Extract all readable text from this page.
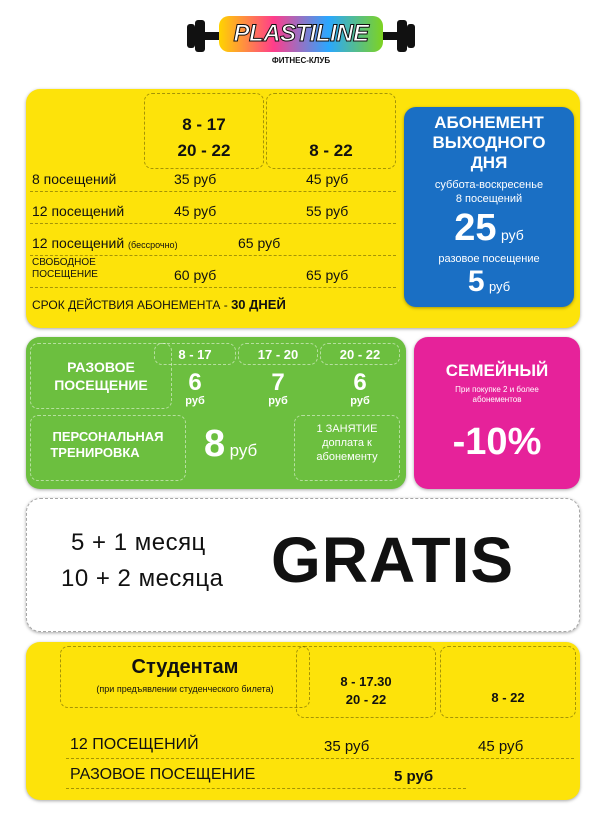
PLASTILINE
ФИТНЕС-КЛУБ
8 - 17
20 - 22	8 - 22
8 посещений	35 руб	45 руб
12 посещений	45 руб	55 руб
12 посещений (бессрочно)	65 руб
СВОБОДНОЕ
ПОСЕЩЕНИЕ	60 руб	65 руб
СРОК ДЕЙСТВИЯ АБОНЕМЕНТА - 30 ДНЕЙ
АБОНЕМЕНТ
ВЫХОДНОГО
ДНЯ
суббота-воскресенье
8 посещений
25 руб
разовое посещение
5 руб
РАЗОВОЕ
ПОСЕЩЕНИЕ
8 - 17	17 - 20	20 - 22
6	7	6
руб	руб	руб
ПЕРСОНАЛЬНАЯ
ТРЕНИРОВКА	8 руб
1 ЗАНЯТИЕ
доплата к
абонементу
СЕМЕЙНЫЙ
При покупке 2 и более
абонементов
-10%
5 + 1 месяц
10 + 2 месяца GRATIS
Студентам
(при предъявлении студенческого билета)	8 - 17.30
20 - 22	8 - 22
12 ПОСЕЩЕНИЙ	35 руб	45 руб
РАЗОВОЕ ПОСЕЩЕНИЕ	5 руб
